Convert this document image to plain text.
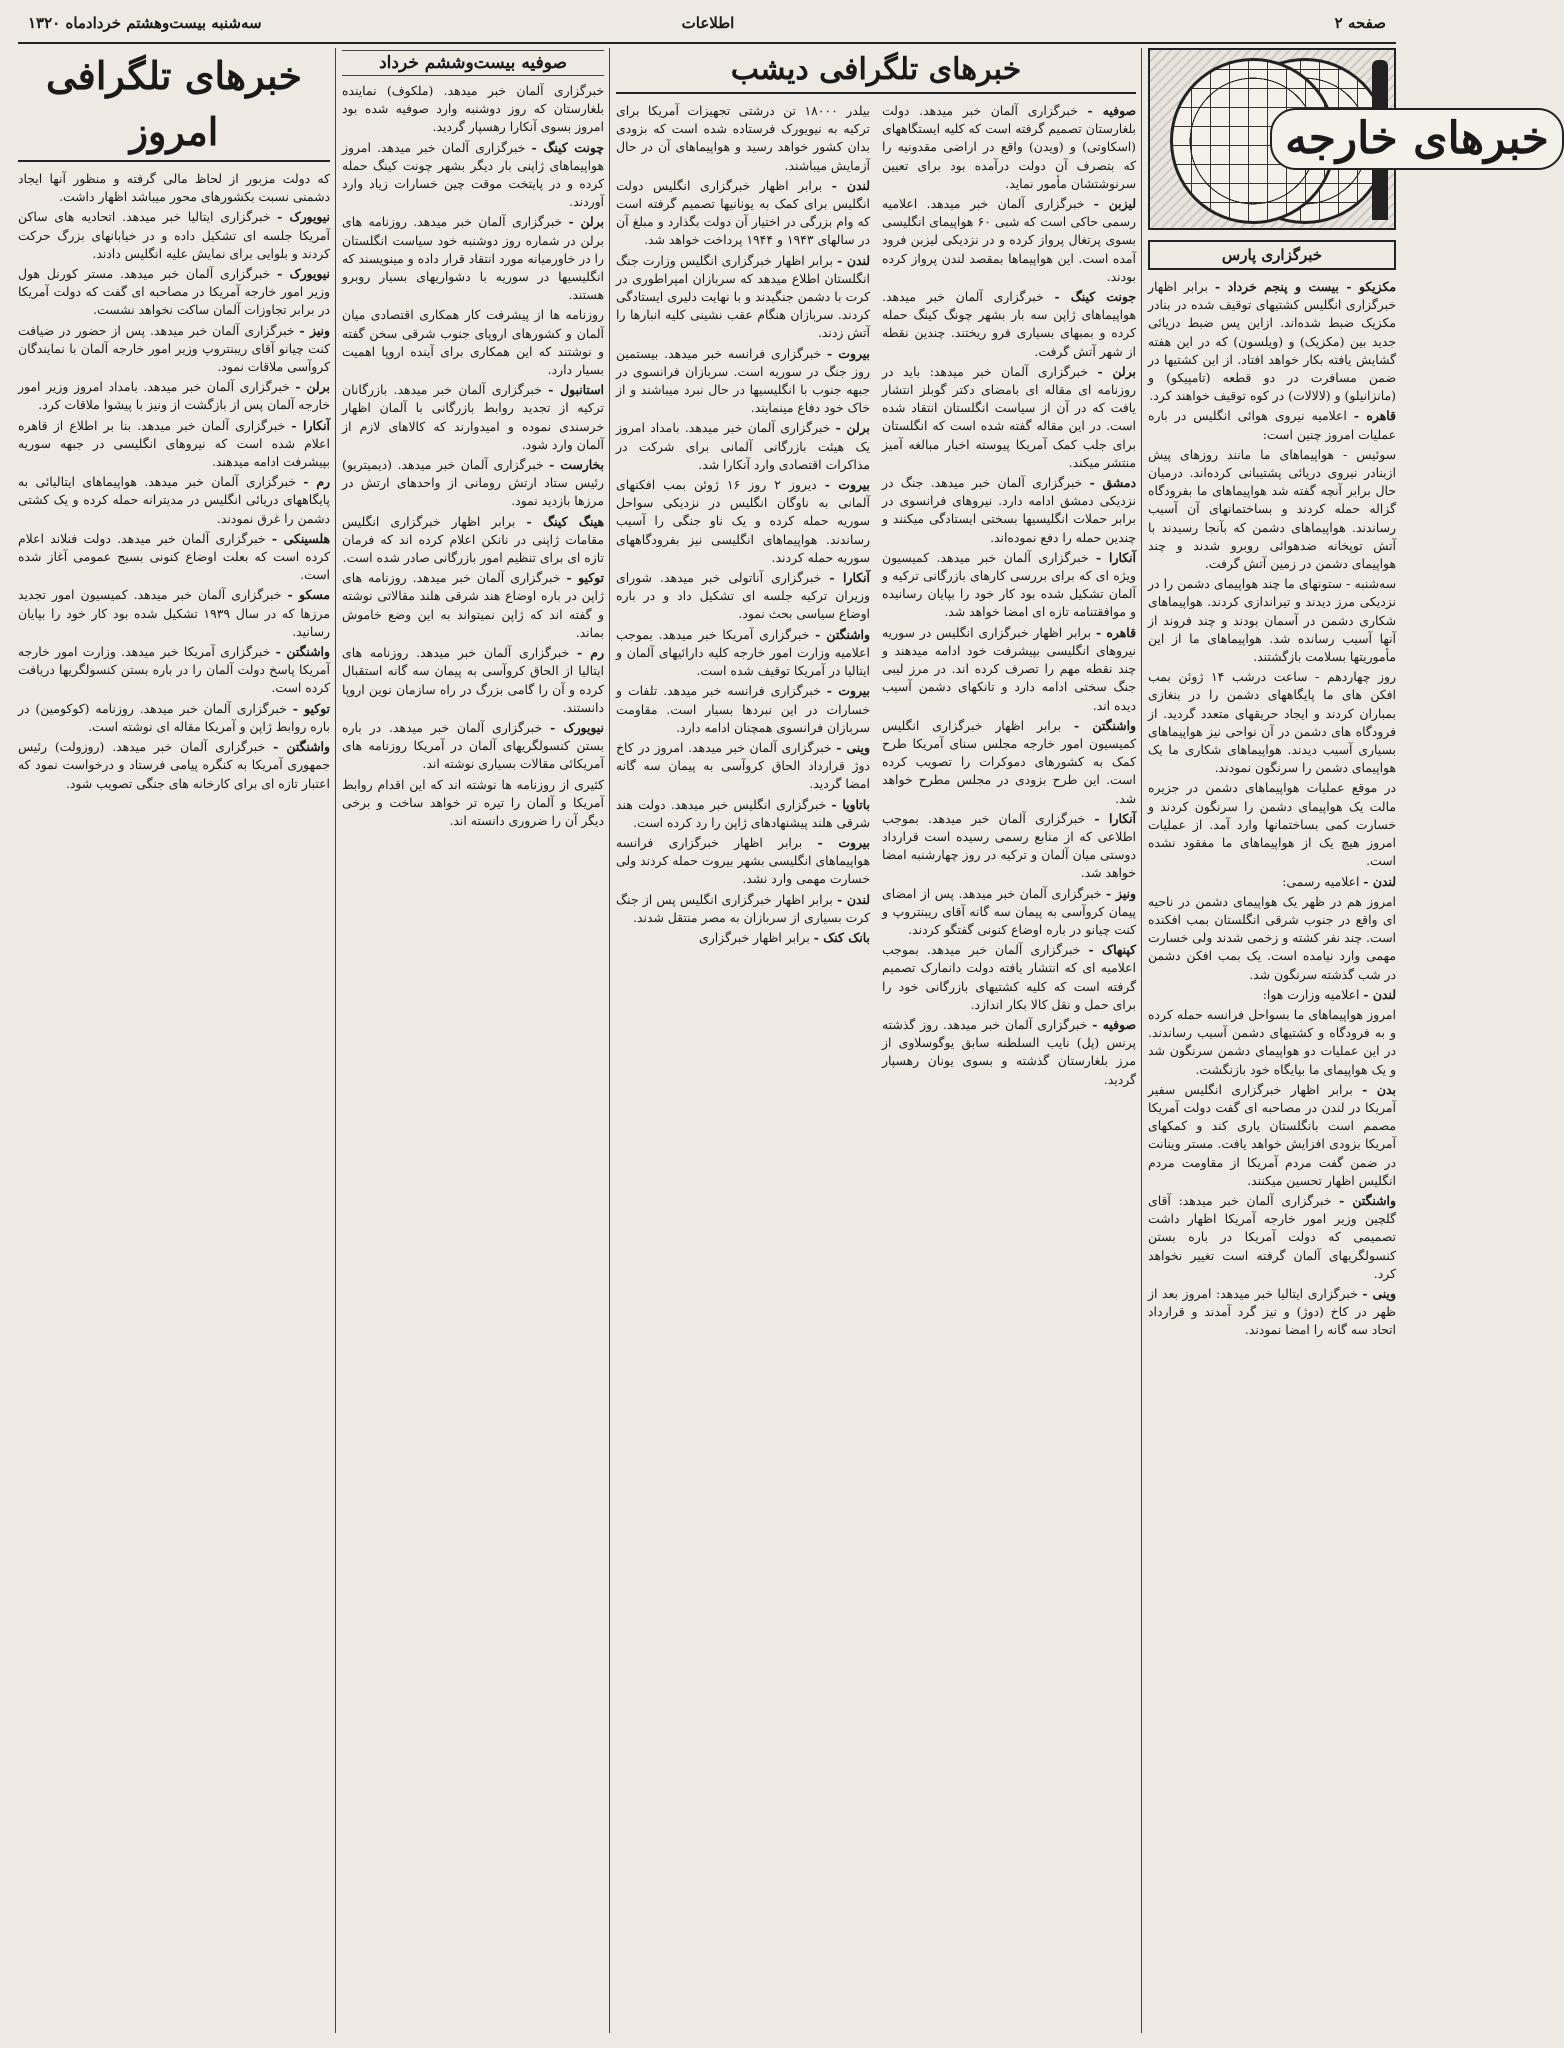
صفحه ۲
اطلاعات
سه‌شنبه بیست‌وهشتم خردادماه ۱۳۲۰
خبرهای خارجه
خبرگزاری پارس

مکزیکو - بیست و پنجم خرداد - برابر اظهار خبرگزاری انگلیس کشتیهای توقیف شده در بنادر مکزیک ضبط شده‌اند. ازاین پس ضبط دریائی جدید بین (مکزیک) و (ویلسون) که در این هفته گشایش یافته بکار خواهد افتاد. از این کشتیها در ضمن مسافرت در دو قطعه (تامپیکو) و (مانزانیلو) و (لالالات) در کوه توقیف خواهند کرد.

قاهره - اعلامیه نیروی هوائی انگلیس در باره عملیات امروز چنین است:

سوئیس - هواپیماهای ما مانند روزهای پیش ازبنادر نیروی دریائی پشتیبانی کرده‌اند. درمیان حال برابر آنچه گفته شد هواپیماهای ما بفرودگاه گزاله حمله کردند و بساختمانهای آن آسیب رساندند. هواپیماهای دشمن که بآنجا رسیدند با آتش توپخانه ضدهوائی روبرو شدند و چند هواپیمای دشمن در زمین آتش گرفت.

سه‌شنبه - ستونهای ما چند هواپیمای دشمن را در نزدیکی مرز دیدند و تیراندازی کردند. هواپیماهای شکاری دشمن در آسمان بودند و چند فروند از آنها آسیب رسانده شد. هواپیماهای ما از این مأموریتها بسلامت بازگشتند.

روز چهاردهم - ساعت درشب ۱۴ ژوئن بمب افکن های ما پایگاههای دشمن را در بنغازی بمباران کردند و ایجاد حریقهای متعدد گردید. از فرودگاه های دشمن در آن نواحی نیز هواپیماهای بسیاری آسیب دیدند. هواپیماهای شکاری ما یک هواپیمای دشمن را سرنگون نمودند.

در موقع عملیات هواپیماهای دشمن در جزیره مالت یک هواپیمای دشمن را سرنگون کردند و خسارت کمی بساختمانها وارد آمد. از عملیات امروز هیچ یک از هواپیماهای ما مفقود نشده است.

لندن - اعلامیه رسمی:

امروز هم در ظهر یک هواپیمای دشمن در ناحیه ای واقع در جنوب شرقی انگلستان بمب افکنده است. چند نفر کشته و زخمی شدند ولی خسارت مهمی وارد نیامده است. یک بمب افکن دشمن در شب گذشته سرنگون شد.

لندن - اعلامیه وزارت هوا:

امروز هواپیماهای ما بسواحل فرانسه حمله کرده و به فرودگاه و کشتیهای دشمن آسیب رساندند. در این عملیات دو هواپیمای دشمن سرنگون شد و یک هواپیمای ما بپایگاه خود بازنگشت.

بدن - برابر اظهار خبرگزاری انگلیس سفیر آمریکا در لندن در مصاحبه ای گفت دولت آمریکا مصمم است بانگلستان یاری کند و کمکهای آمریکا بزودی افزایش خواهد یافت. مستر وینانت در ضمن گفت مردم آمریکا از مقاومت مردم انگلیس اظهار تحسین میکنند.

واشنگتن - خبرگزاری آلمان خبر میدهد: آقای گلچین وزیر امور خارجه آمریکا اظهار داشت تصمیمی که دولت آمریکا در باره بستن کنسولگریهای آلمان گرفته است تغییر نخواهد کرد.

وینی - خبرگزاری ایتالیا خبر میدهد: امروز بعد از ظهر در کاخ (دوژ) و نیز گرد آمدند و قرارداد اتحاد سه گانه را امضا نمودند.

خبرهای تلگرافی دیشب

صوفیه - خبرگزاری آلمان خبر میدهد. دولت بلغارستان تصمیم گرفته است که کلیه ایستگاههای (اسکاوتی) و (ویدن) واقع در اراضی مقدونیه را که بتصرف آن دولت درآمده بود برای تعیین سرنوشتشان مأمور نماید.

لیزبن - خبرگزاری آلمان خبر میدهد. اعلامیه رسمی حاکی است که شبی ۶۰ هواپیمای انگلیسی بسوی پرتغال پرواز کرده و در نزدیکی لیزبن فرود آمده است. این هواپیماها بمقصد لندن پرواز کرده بودند.

جونت کینگ - خبرگزاری آلمان خبر میدهد. هواپیماهای ژاپن سه بار بشهر چونگ کینگ حمله کرده و بمبهای بسیاری فرو ریختند. چندین نقطه از شهر آتش گرفت.

برلن - خبرگزاری آلمان خبر میدهد: باید در روزنامه ای مقاله ای بامضای دکتر گوبلز انتشار یافت که در آن از سیاست انگلستان انتقاد شده است. در این مقاله گفته شده است که انگلستان برای جلب کمک آمریکا پیوسته اخبار مبالغه آمیز منتشر میکند.

دمشق - خبرگزاری آلمان خبر میدهد. جنگ در نزدیکی دمشق ادامه دارد. نیروهای فرانسوی در برابر حملات انگلیسیها بسختی ایستادگی میکنند و چندین حمله را دفع نموده‌اند.

آنکارا - خبرگزاری آلمان خبر میدهد. کمیسیون ویژه ای که برای بررسی کارهای بازرگانی ترکیه و آلمان تشکیل شده بود کار خود را بپایان رسانیده و موافقتنامه تازه ای امضا خواهد شد.

قاهره - برابر اظهار خبرگزاری انگلیس در سوریه نیروهای انگلیسی بپیشرفت خود ادامه میدهند و چند نقطه مهم را تصرف کرده اند. در مرز لیبی جنگ سختی ادامه دارد و تانکهای دشمن آسیب دیده اند.

واشنگتن - برابر اظهار خبرگزاری انگلیس کمیسیون امور خارجه مجلس سنای آمریکا طرح کمک به کشورهای دموکرات را تصویب کرده است. این طرح بزودی در مجلس مطرح خواهد شد.

آنکارا - خبرگزاری آلمان خبر میدهد. بموجب اطلاعی که از منابع رسمی رسیده است قرارداد دوستی میان آلمان و ترکیه در روز چهارشنبه امضا خواهد شد.

ونیز - خبرگزاری آلمان خبر میدهد. پس از امضای پیمان کروآسی به پیمان سه گانه آقای ریبنتروپ و کنت چیانو در باره اوضاع کنونی گفتگو کردند.

کپنهاک - خبرگزاری آلمان خبر میدهد. بموجب اعلامیه ای که انتشار یافته دولت دانمارک تصمیم گرفته است که کلیه کشتیهای بازرگانی خود را برای حمل و نقل کالا بکار اندازد.

صوفیه - خبرگزاری آلمان خبر میدهد. روز گذشته پرنس (پل) نایب السلطنه سابق یوگوسلاوی از مرز بلغارستان گذشته و بسوی یونان رهسپار گردید.

بیلدر ۱۸۰۰۰ تن درشتی تجهیزات آمریکا برای ترکیه به نیویورک فرستاده شده است که بزودی بدان کشور خواهد رسید و هواپیماهای آن در حال آزمایش میباشند.

لندن - برابر اظهار خبرگزاری انگلیس دولت انگلیس برای کمک به یونانیها تصمیم گرفته است که وام بزرگی در اختیار آن دولت بگذارد و مبلغ آن در سالهای ۱۹۴۳ و ۱۹۴۴ پرداخت خواهد شد.

لندن - برابر اظهار خبرگزاری انگلیس وزارت جنگ انگلستان اطلاع میدهد که سربازان امپراطوری در کرت با دشمن جنگیدند و با نهایت دلیری ایستادگی کردند. سربازان هنگام عقب نشینی کلیه انبارها را آتش زدند.

بیروت - خبرگزاری فرانسه خبر میدهد. بیستمین روز جنگ در سوریه است. سربازان فرانسوی در جبهه جنوب با انگلیسیها در حال نبرد میباشند و از خاک خود دفاع مینمایند.

برلن - خبرگزاری آلمان خبر میدهد. بامداد امروز یک هیئت بازرگانی آلمانی برای شرکت در مذاکرات اقتصادی وارد آنکارا شد.

بیروت - دیروز ۲ روز ۱۶ ژوئن بمب افکنهای آلمانی به ناوگان انگلیس در نزدیکی سواحل سوریه حمله کرده و یک ناو جنگی را آسیب رساندند. هواپیماهای انگلیسی نیز بفرودگاههای سوریه حمله کردند.

آنکارا - خبرگزاری آناتولی خبر میدهد. شورای وزیران ترکیه جلسه ای تشکیل داد و در باره اوضاع سیاسی بحث نمود.

واشنگتن - خبرگزاری آمریکا خبر میدهد. بموجب اعلامیه وزارت امور خارجه کلیه دارائیهای آلمان و ایتالیا در آمریکا توقیف شده است.

بیروت - خبرگزاری فرانسه خبر میدهد. تلفات و خسارات در این نبردها بسیار است. مقاومت سربازان فرانسوی همچنان ادامه دارد.

وینی - خبرگزاری آلمان خبر میدهد. امروز در کاخ دوژ قرارداد الحاق کروآسی به پیمان سه گانه امضا گردید.

باتاویا - خبرگزاری انگلیس خبر میدهد. دولت هند شرقی هلند پیشنهادهای ژاپن را رد کرده است.

بیروت - برابر اظهار خبرگزاری فرانسه هواپیماهای انگلیسی بشهر بیروت حمله کردند ولی خسارت مهمی وارد نشد.

لندن - برابر اظهار خبرگزاری انگلیس پس از جنگ کرت بسیاری از سربازان به مصر منتقل شدند.

بانک کنک - برابر اظهار خبرگزاری

صوفیه بیست‌وششم خرداد

خبرگزاری آلمان خبر میدهد. (ملکوف) نماینده بلغارستان که روز دوشنبه وارد صوفیه شده بود امروز بسوی آنکارا رهسپار گردید.

چونت کینگ - خبرگزاری آلمان خبر میدهد. امروز هواپیماهای ژاپنی بار دیگر بشهر چونت کینگ حمله کرده و در پایتخت موقت چین خسارات زیاد وارد آوردند.

برلن - خبرگزاری آلمان خبر میدهد. روزنامه های برلن در شماره روز دوشنبه خود سیاست انگلستان را در خاورمیانه مورد انتقاد قرار داده و مینویسند که انگلیسیها در سوریه با دشواریهای بسیار روبرو هستند.

روزنامه ها از پیشرفت کار همکاری اقتصادی میان آلمان و کشورهای اروپای جنوب شرقی سخن گفته و نوشتند که این همکاری برای آینده اروپا اهمیت بسیار دارد.

استانبول - خبرگزاری آلمان خبر میدهد. بازرگانان ترکیه از تجدید روابط بازرگانی با آلمان اظهار خرسندی نموده و امیدوارند که کالاهای لازم از آلمان وارد شود.

بخارست - خبرگزاری آلمان خبر میدهد. (دیمیتریو) رئیس ستاد ارتش رومانی از واحدهای ارتش در مرزها بازدید نمود.

هینگ کینگ - برابر اظهار خبرگزاری انگلیس مقامات ژاپنی در نانکن اعلام کرده اند که فرمان تازه ای برای تنظیم امور بازرگانی صادر شده است.

توکیو - خبرگزاری آلمان خبر میدهد. روزنامه های ژاپن در باره اوضاع هند شرقی هلند مقالاتی نوشته و گفته اند که ژاپن نمیتواند به این وضع خاموش بماند.

رم - خبرگزاری آلمان خبر میدهد. روزنامه های ایتالیا از الحاق کروآسی به پیمان سه گانه استقبال کرده و آن را گامی بزرگ در راه سازمان نوین اروپا دانستند.

نیویورک - خبرگزاری آلمان خبر میدهد. در باره بستن کنسولگریهای آلمان در آمریکا روزنامه های آمریکائی مقالات بسیاری نوشته اند.

کثیری از روزنامه ها نوشته اند که این اقدام روابط آمریکا و آلمان را تیره تر خواهد ساخت و برخی دیگر آن را ضروری دانسته اند.

خبرهای تلگرافی امروز

که دولت مزبور از لحاظ مالی گرفته و منظور آنها ایجاد دشمنی نسبت بکشورهای محور میباشد اظهار داشت.

نیویورک - خبرگزاری ایتالیا خبر میدهد. اتحادیه های ساکن آمریکا جلسه ای تشکیل داده و در خیابانهای بزرگ حرکت کردند و بلوایی برای نمایش علیه انگلیس دادند.

نیویورک - خبرگزاری آلمان خبر میدهد. مستر کورنل هول وزیر امور خارجه آمریکا در مصاحبه ای گفت که دولت آمریکا در برابر تجاوزات آلمان ساکت نخواهد نشست.

ونیز - خبرگزاری آلمان خبر میدهد. پس از حضور در ضیافت کنت چیانو آقای ریبنتروپ وزیر امور خارجه آلمان با نمایندگان کروآسی ملاقات نمود.

برلن - خبرگزاری آلمان خبر میدهد. بامداد امروز وزیر امور خارجه آلمان پس از بازگشت از ونیز با پیشوا ملاقات کرد.

آنکارا - خبرگزاری آلمان خبر میدهد. بنا بر اطلاع از قاهره اعلام شده است که نیروهای انگلیسی در جبهه سوریه بپیشرفت ادامه میدهند.

رم - خبرگزاری آلمان خبر میدهد. هواپیماهای ایتالیائی به پایگاههای دریائی انگلیس در مدیترانه حمله کرده و یک کشتی دشمن را غرق نمودند.

هلسینکی - خبرگزاری آلمان خبر میدهد. دولت فنلاند اعلام کرده است که بعلت اوضاع کنونی بسیج عمومی آغاز شده است.

مسکو - خبرگزاری آلمان خبر میدهد. کمیسیون امور تجدید مرزها که در سال ۱۹۳۹ تشکیل شده بود کار خود را بپایان رسانید.

واشنگتن - خبرگزاری آمریکا خبر میدهد. وزارت امور خارجه آمریکا پاسخ دولت آلمان را در باره بستن کنسولگریها دریافت کرده است.

توکیو - خبرگزاری آلمان خبر میدهد. روزنامه (کوکومین) در باره روابط ژاپن و آمریکا مقاله ای نوشته است.

واشنگتن - خبرگزاری آلمان خبر میدهد. (روزولت) رئیس جمهوری آمریکا به کنگره پیامی فرستاد و درخواست نمود که اعتبار تازه ای برای کارخانه های جنگی تصویب شود.
